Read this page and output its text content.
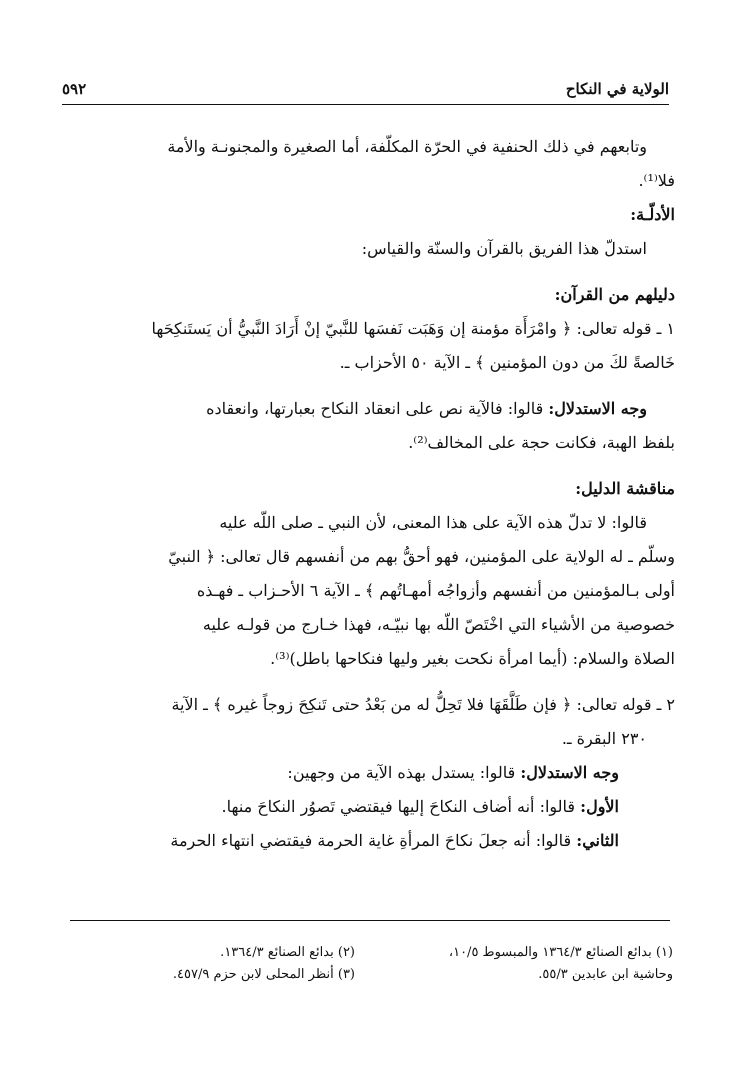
الولاية في النكاح
٥٩٢

وتابعهم في ذلك الحنفية في الحرّة المكلّفة، أما الصغيرة والمجنونـة والأمة

فلا⁽¹⁾.

الأدلّـة:

استدلّ هذا الفريق بالقرآن والسنّة والقياس:

دليلهم من القرآن:

١ ـ قوله تعالى: ﴿ وامْرَأَة مؤمنة إن وَهَبَت نَفسَها للنَّبيّ إنْ أَرَادَ النَّبيُّ أن يَستَنكِحَها

خَالصةً لكَ من دون المؤمنين ﴾ ـ الآية ٥٠ الأحزاب ـ.

وجه الاستدلال: قالوا: فالآية نص على انعقاد النكاح بعبارتها، وانعقاده

بلفظ الهبة، فكانت حجة على المخالف⁽²⁾.

مناقشة الدليل:

قالوا: لا تدلّ هذه الآية على هذا المعنى، لأن النبي ـ صلى اللّه عليه

وسلّم ـ له الولاية على المؤمنين، فهو أحقُّ بهم من أنفسهم قال تعالى: ﴿ النبيّ

أولى بـالمؤمنين من أنفسهم وأزواجُه أمهـاتُهم ﴾ ـ الآية ٦ الأحـزاب ـ فهـذه

خصوصية من الأشياء التي اخْتَصّ اللّه بها نبيّـه، فهذا خـارج من قولـه عليه

الصلاة والسلام: (أيما امرأة نكحت بغير وليها فنكاحها باطل)⁽³⁾.

٢ ـ قوله تعالى: ﴿ فإن طَلَّقَهَا فلا تَحِلُّ له من بَعْدُ حتى تَنكِحَ زوجاً غيره ﴾ ـ الآية

٢٣٠ البقرة ـ.

وجه الاستدلال: قالوا: يستدل بهذه الآية من وجهين:

الأول: قالوا: أنه أضاف النكاحَ إليها فيقتضي تَصوُر النكاحَ منها.

الثاني: قالوا: أنه جعلَ نكاحَ المرأةِ غاية الحرمة فيقتضي انتهاء الحرمة

(١) بدائع الصنائع ١٣٦٤/٣ والمبسوط ١٠/٥،
وحاشية ابن عابدين ٥٥/٣.
(٢) بدائع الصنائع ١٣٦٤/٣.
(٣) أنظر المحلى لابن حزم ٤٥٧/٩.
